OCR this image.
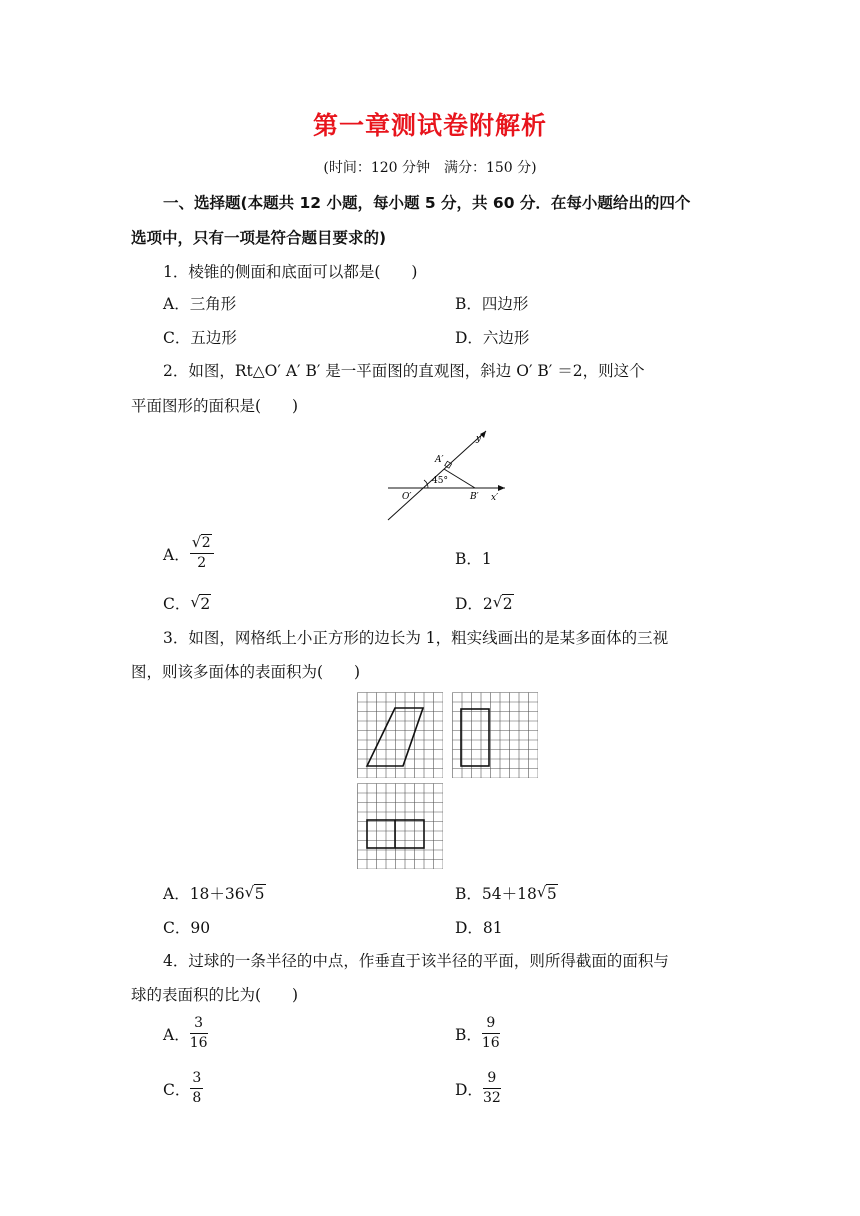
第一章测试卷附解析
(时间：120 分钟　满分：150 分)
一、选择题(本题共 12 小题，每小题 5 分，共 60 分．在每小题给出的四个
选项中，只有一项是符合题目要求的)
1．棱锥的侧面和底面可以都是(　　)
A．三角形	B．四边形
C．五边形	D．六边形
2．如图，Rt△O′ A′ B′ 是一平面图的直观图，斜边 O′ B′ ＝2，则这个
平面图形的面积是(　　)
y′
x′
A′
O′	B′
45°
A． $\frac{√ 2}{2}$	B．1
C． √ 2	D．2 √ 2
3．如图，网格纸上小正方形的边长为 1，粗实线画出的是某多面体的三视
图，则该多面体的表面积为(　　)
A．18＋36 √ 5	B．54＋18 √ 5
C．90	D．81
4．过球的一条半径的中点，作垂直于该半径的平面，则所得截面的面积与
球的表面积的比为(　　)
A． $\frac{3}{16}$	B． $\frac{9}{16}$
C． $\frac{3}{8}$	D． $\frac{9}{32}$
